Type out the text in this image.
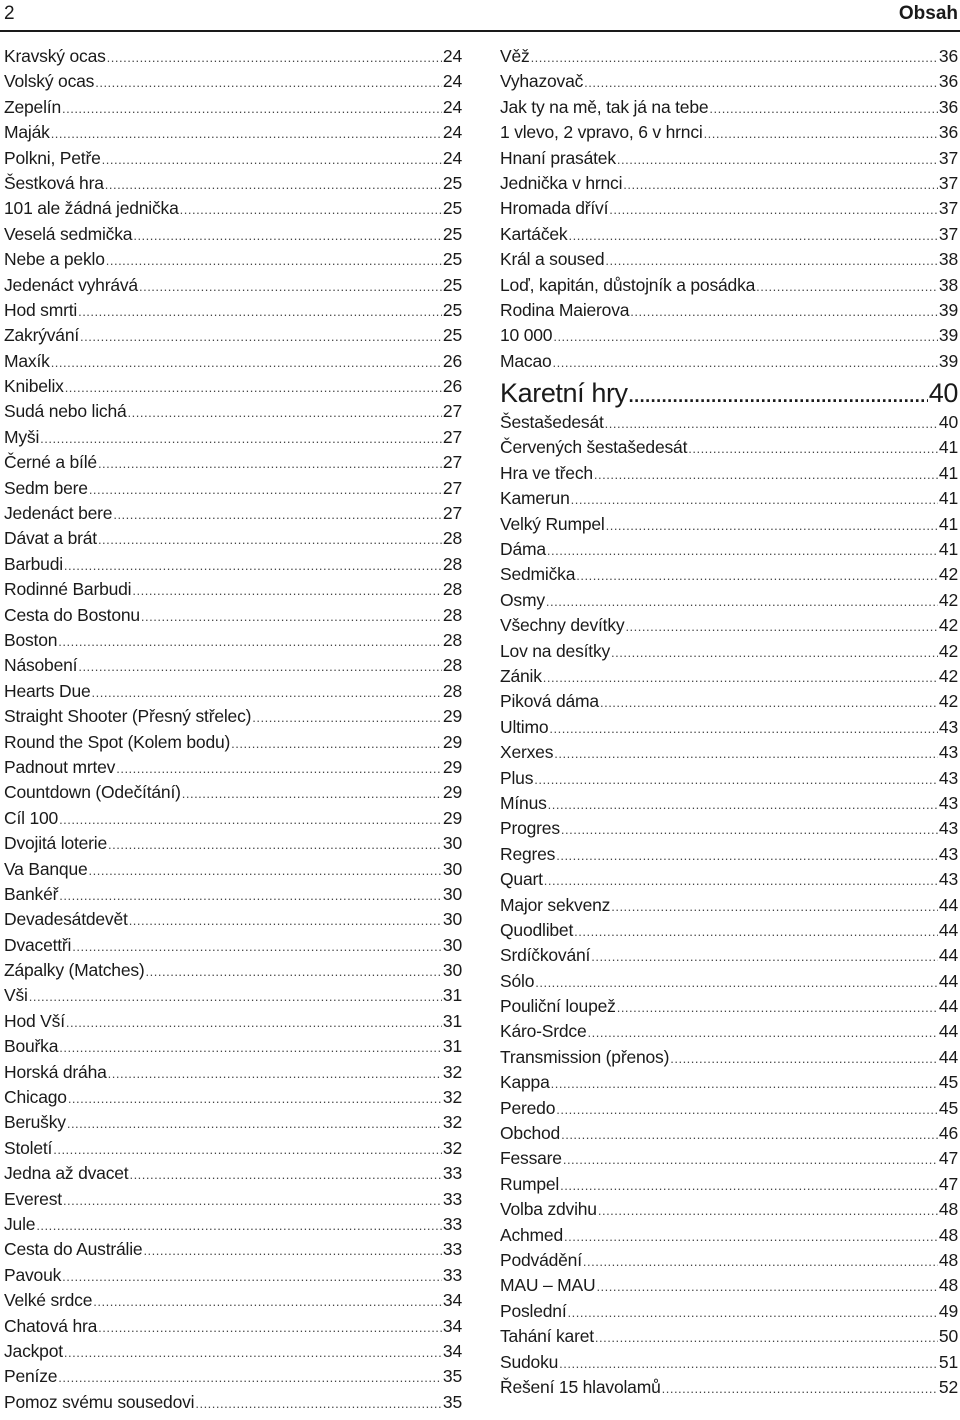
2	Obsah
Kravský ocas .....	24
Volský ocas .....	24
Zepelín .....	24
Maják .....	24
Polkni, Petře .....	24
Šestková hra .....	25
101 ale žádná jednička .....	25
Veselá sedmička .....	25
Nebe a peklo .....	25
Jedenáct vyhrává .....	25
Hod smrti .....	25
Zakrývání .....	25
Maxík .....	26
Knibelix .....	26
Sudá nebo lichá .....	27
Myši .....	27
Černé a bílé .....	27
Sedm bere .....	27
Jedenáct bere .....	27
Dávat a brát .....	28
Barbudi .....	28
Rodinné Barbudi .....	28
Cesta do Bostonu .....	28
Boston .....	28
Násobení .....	28
Hearts Due .....	28
Straight Shooter (Přesný střelec) .....	29
Round the Spot (Kolem bodu) .....	29
Padnout mrtev .....	29
Countdown (Odečítání) .....	29
Cíl 100 .....	29
Dvojitá loterie .....	30
Va Banque .....	30
Bankéř .....	30
Devadesátdevět .....	30
Dvacettři .....	30
Zápalky (Matches) .....	30
Vši .....	31
Hod Vší .....	31
Bouřka .....	31
Horská dráha .....	32
Chicago .....	32
Berušky .....	32
Století .....	32
Jedna až dvacet .....	33
Everest .....	33
Jule .....	33
Cesta do Austrálie .....	33
Pavouk .....	33
Velké srdce .....	34
Chatová hra .....	34
Jackpot .....	34
Peníze .....	35
Pomoz svému sousedovi .....	35
Věž .....	36
Vyhazovač .....	36
Jak ty na mě, tak já na tebe .....	36
1 vlevo, 2 vpravo, 6 v hrnci .....	36
Hnaní prasátek .....	37
Jednička v hrnci .....	37
Hromada dříví .....	37
Kartáček .....	37
Král a soused .....	38
Loď, kapitán, důstojník a posádka .....	38
Rodina Maierova .....	39
10 000 .....	39
Macao .....	39
Karetní hry .....	40
Šestašedesát .....	40
Červených šestašedesát .....	41
Hra ve třech .....	41
Kamerun .....	41
Velký Rumpel .....	41
Dáma .....	41
Sedmička .....	42
Osmy .....	42
Všechny devítky .....	42
Lov na desítky .....	42
Zánik .....	42
Piková dáma .....	42
Ultimo .....	43
Xerxes .....	43
Plus .....	43
Mínus .....	43
Progres .....	43
Regres .....	43
Quart .....	43
Major sekvenz .....	44
Quodlibet .....	44
Srdíčkování .....	44
Sólo .....	44
Pouliční loupež .....	44
Káro-Srdce .....	44
Transmission (přenos) .....	44
Kappa .....	45
Peredo .....	45
Obchod .....	46
Fessare .....	47
Rumpel .....	47
Volba zdvihu .....	48
Achmed .....	48
Podvádění .....	48
MAU – MAU .....	48
Poslední .....	49
Tahání karet .....	50
Sudoku .....	51
Řešení 15 hlavolamů .....	52
